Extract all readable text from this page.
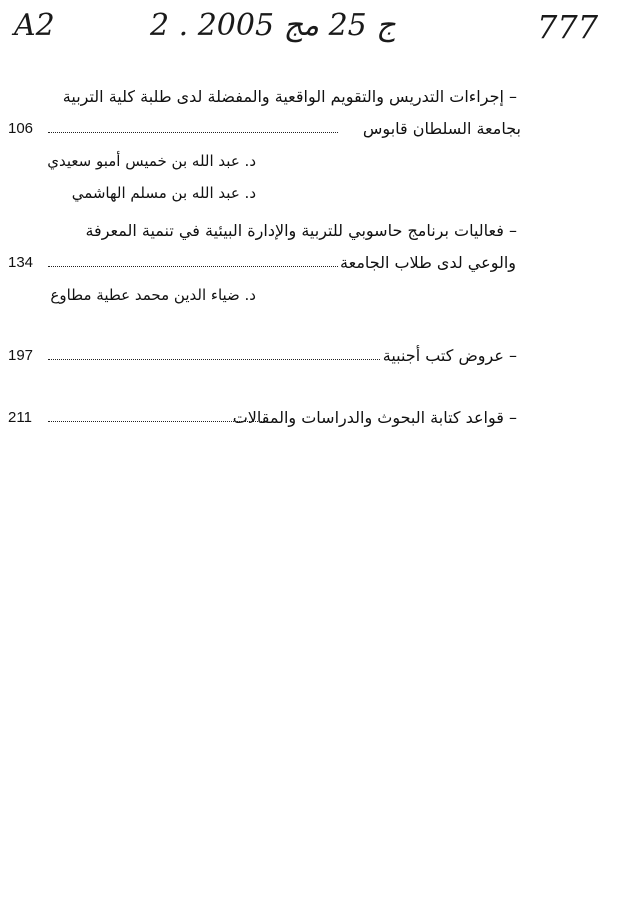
A2	2 . ج 25 مج 2005	777
– إجراءات التدريس والتقويم الواقعية والمفضلة لدى طلبة كلية التربية
بجامعة السلطان قابوس
106
د. عبد الله بن خميس أمبو سعيدي
د. عبد الله بن مسلم الهاشمي
– فعاليات برنامج حاسوبي للتربية والإدارة البيئية في تنمية المعرفة
والوعي لدى طلاب الجامعة
134
د. ضياء الدين محمد عطية مطاوع
– عروض كتب أجنبية
197
– قواعد كتابة البحوث والدراسات والمقالات
211
